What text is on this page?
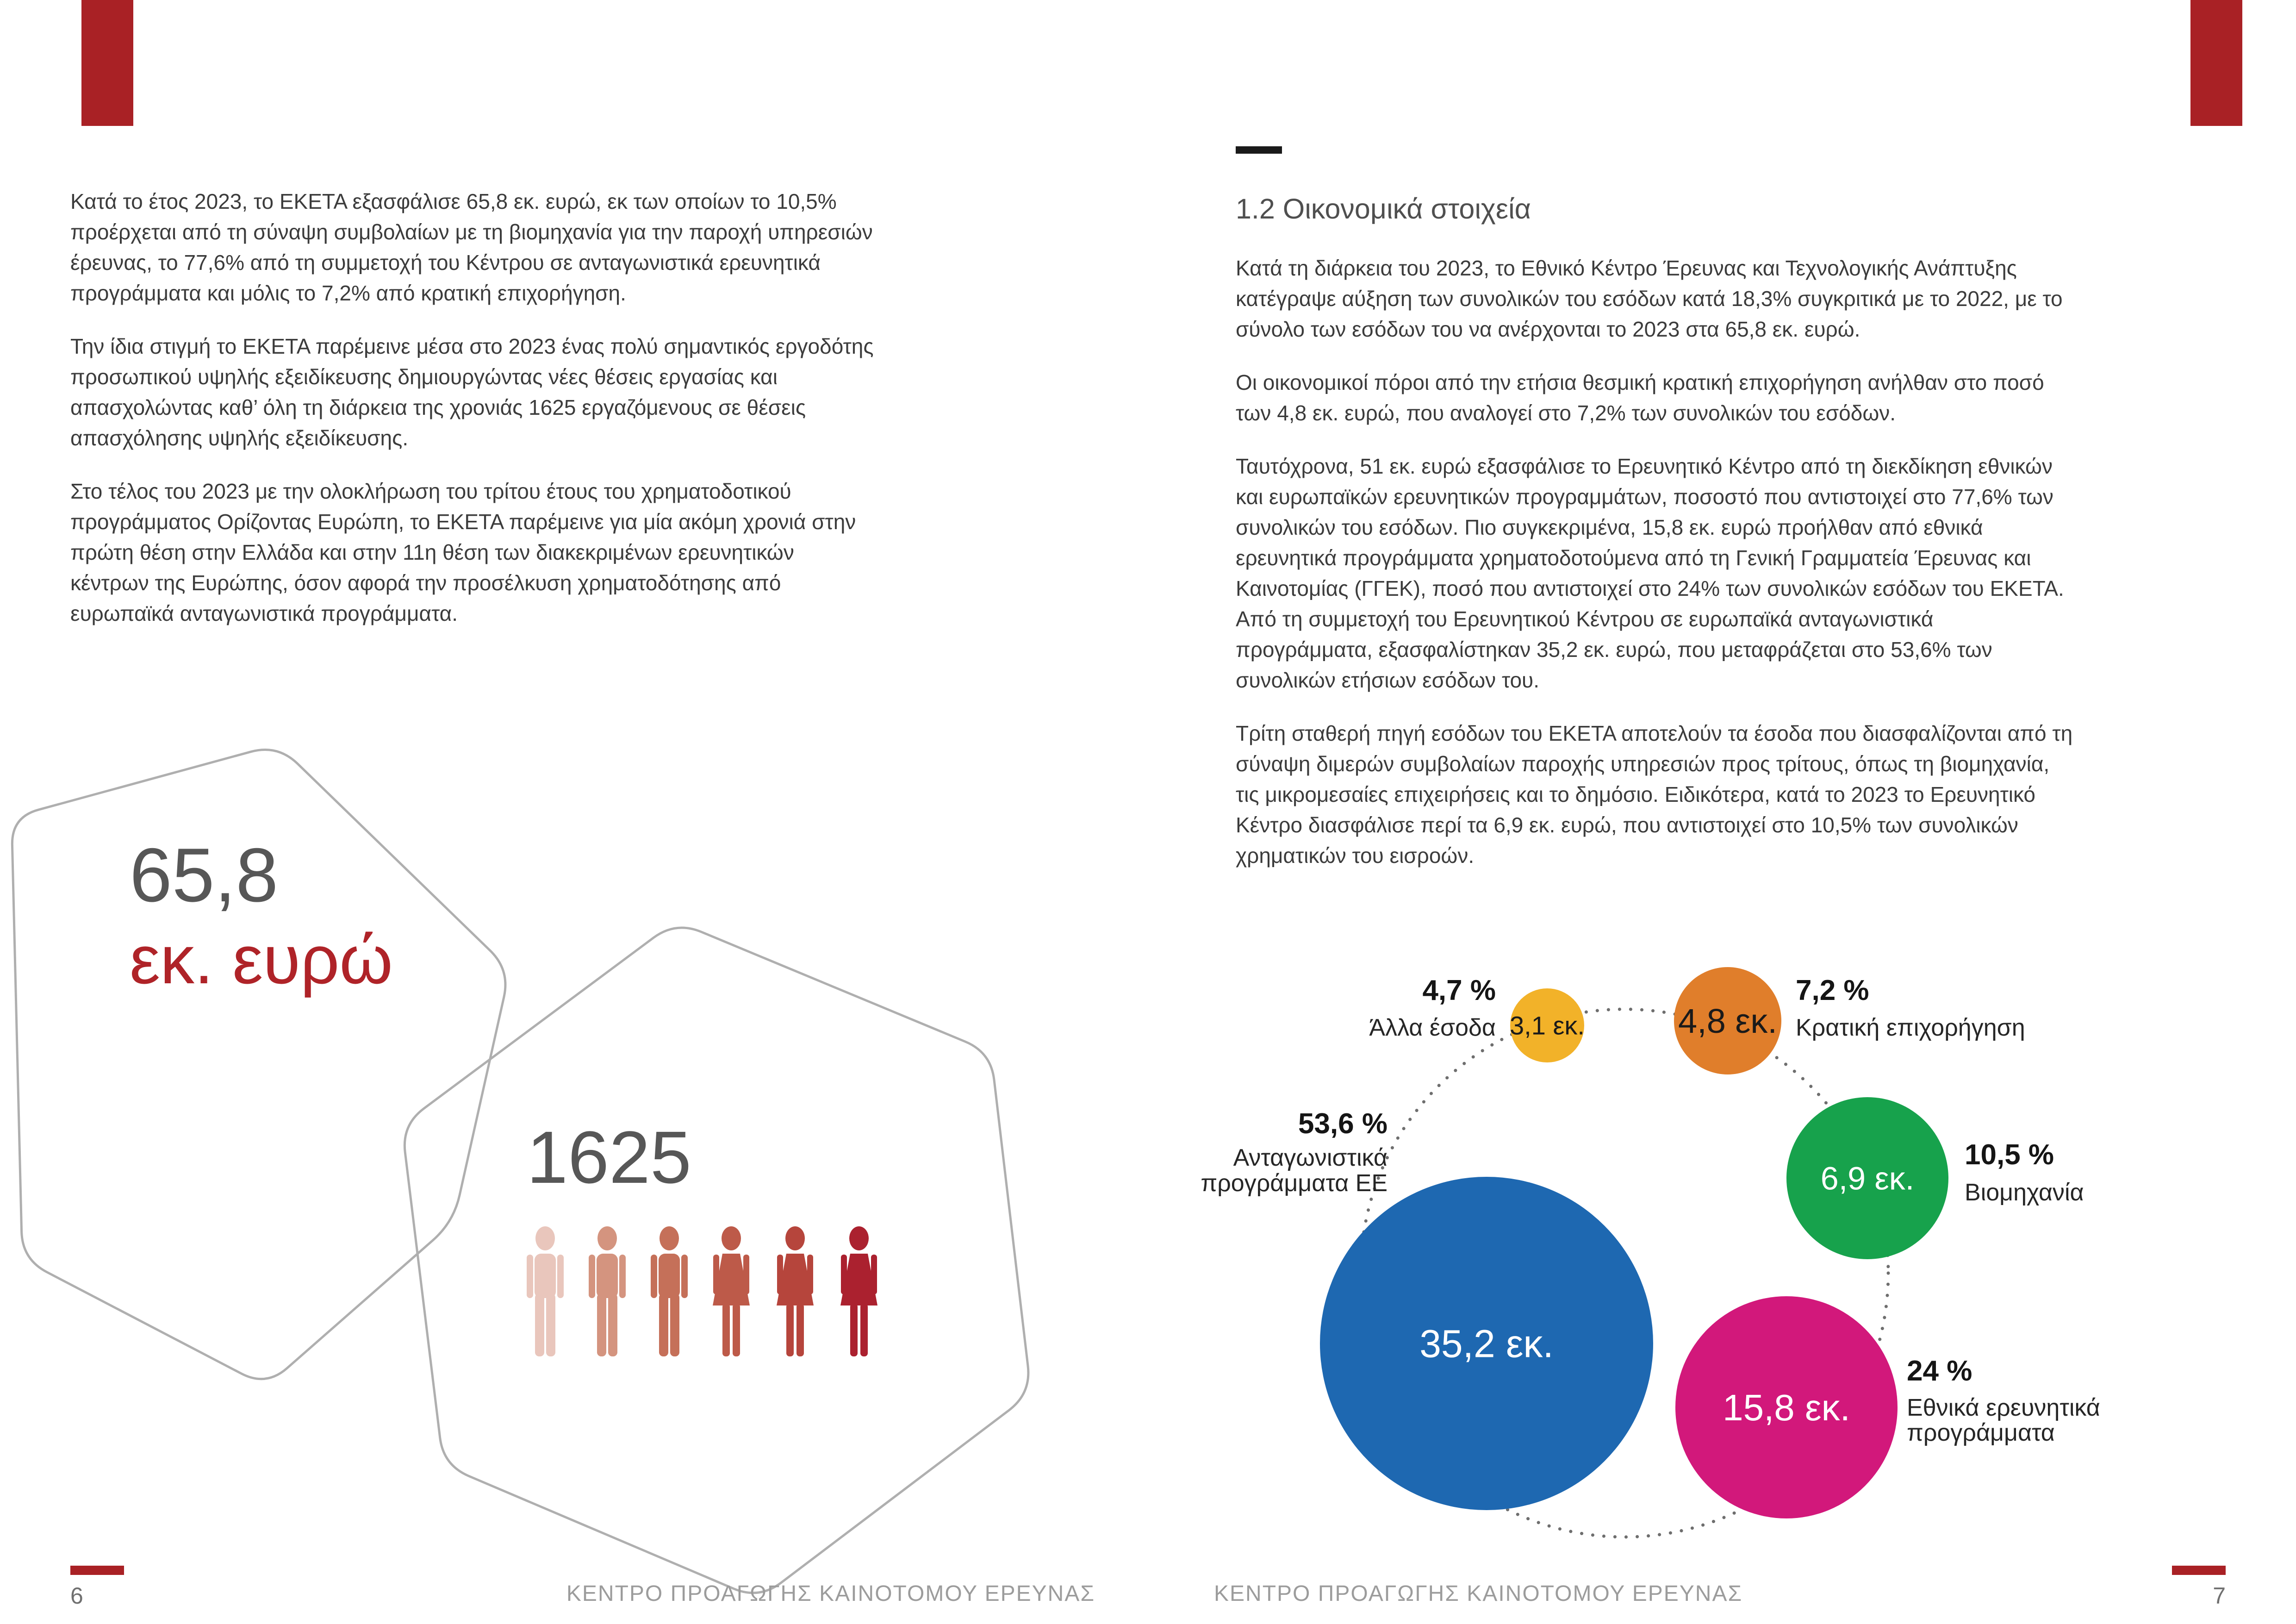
3,1 εκ.
4,7 %
Άλλα έσοδα	4,8 εκ.
7,2 %
Κρατική επιχορήγηση
6,9 εκ.
10,5 %
Βιομηχανία
35,2 εκ.
53,6 %
Ανταγωνιστικά
προγράμματα ΕΕ
15,8 εκ.
24 %
Εθνικά ερευνητικά
προγράμματα
65,8
εκ. ευρώ
1625

Κατά το έτος 2023, το ΕΚΕΤΑ εξασφάλισε 65,8 εκ. ευρώ, εκ των οποίων το 10,5% προέρχεται από τη σύναψη συμβολαίων με τη βιομηχανία για την παροχή υπηρεσιών έρευνας, το 77,6% από τη συμμετοχή του Κέντρου σε ανταγωνιστικά ερευνητικά προγράμματα και μόλις το 7,2% από κρατική επιχορήγηση.

Την ίδια στιγμή το ΕΚΕΤΑ παρέμεινε μέσα στο 2023 ένας πολύ σημαντικός εργοδότης προσωπικού υψηλής εξειδίκευσης δημιουργώντας νέες θέσεις εργασίας και απασχολώντας καθ’ όλη τη διάρκεια της χρονιάς 1625 εργαζόμενους σε θέσεις απασχόλησης υψηλής εξειδίκευσης.

Στο τέλος του 2023 με την ολοκλήρωση του τρίτου έτους του χρηματοδοτικού προγράμματος Ορίζοντας Ευρώπη, το ΕΚΕΤΑ παρέμεινε για μία ακόμη χρονιά στην πρώτη θέση στην Ελλάδα και στην 11η θέση των διακεκριμένων ερευνητικών κέντρων της Ευρώπης, όσον αφορά την προσέλκυση χρηματοδότησης από ευρωπαϊκά ανταγωνιστικά προγράμματα.

1.2 Οικονομικά στοιχεία

Κατά τη διάρκεια του 2023, το Εθνικό Κέντρο Έρευνας και Τεχνολογικής Ανάπτυξης κατέγραψε αύξηση των συνολικών του εσόδων κατά 18,3% συγκριτικά με το 2022, με το σύνολο των εσόδων του να ανέρχονται το 2023 στα 65,8 εκ. ευρώ.

Οι οικονομικοί πόροι από την ετήσια θεσμική κρατική επιχορήγηση ανήλθαν στο ποσό των 4,8 εκ. ευρώ, που αναλογεί στο 7,2% των συνολικών του εσόδων.

Ταυτόχρονα, 51 εκ. ευρώ εξασφάλισε το Ερευνητικό Κέντρο από τη διεκδίκηση εθνικών και ευρωπαϊκών ερευνητικών προγραμμάτων, ποσοστό που αντιστοιχεί στο 77,6% των συνολικών του εσόδων. Πιο συγκεκριμένα, 15,8 εκ. ευρώ προήλθαν από εθνικά ερευνητικά προγράμματα χρηματοδοτούμενα από τη Γενική Γραμματεία Έρευνας και Καινοτομίας (ΓΓΕΚ), ποσό που αντιστοιχεί στο 24% των συνολικών εσόδων του ΕΚΕΤΑ. Από τη συμμετοχή του Ερευνητικού Κέντρου σε ευρωπαϊκά ανταγωνιστικά προγράμματα, εξασφαλίστηκαν 35,2 εκ. ευρώ, που μεταφράζεται στο 53,6% των συνολικών ετήσιων εσόδων του.

Τρίτη σταθερή πηγή εσόδων του ΕΚΕΤΑ αποτελούν τα έσοδα που διασφαλίζονται από τη σύναψη διμερών συμβολαίων παροχής υπηρεσιών προς τρίτους, όπως τη βιομηχανία, τις μικρομεσαίες επιχειρήσεις και το δημόσιο. Ειδικότερα, κατά το 2023 το Ερευνητικό Κέντρο διασφάλισε περί τα 6,9 εκ. ευρώ, που αντιστοιχεί στο 10,5% των συνολικών χρηματικών του εισροών.

6	ΚΕΝΤΡΟ ΠΡΟΑΓΩΓΗΣ ΚΑΙΝΟΤΟΜΟΥ ΕΡΕΥΝΑΣ	ΚΕΝΤΡΟ ΠΡΟΑΓΩΓΗΣ ΚΑΙΝΟΤΟΜΟΥ ΕΡΕΥΝΑΣ	7
